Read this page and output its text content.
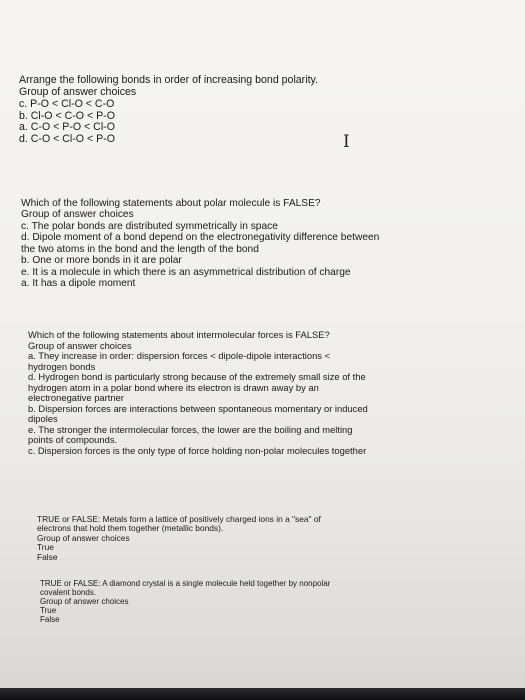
Arrange the following bonds in order of increasing bond polarity.
Group of answer choices
c. P-O < Cl-O < C-O
b. Cl-O < C-O < P-O
a. C-O < P-O < Cl-O
d. C-O < Cl-O < P-O	I
Which of the following statements about polar molecule is FALSE?
Group of answer choices
c. The polar bonds are distributed symmetrically in space
d. Dipole moment of a bond depend on the electronegativity difference between
the two atoms in the bond and the length of the bond
b. One or more bonds in it are polar
e. It is a molecule in which there is an asymmetrical distribution of charge
a. It has a dipole moment
Which of the following statements about intermolecular forces is FALSE?
Group of answer choices
a. They increase in order: dispersion forces < dipole-dipole interactions <
hydrogen bonds
d. Hydrogen bond is particularly strong because of the extremely small size of the
hydrogen atom in a polar bond where its electron is drawn away by an
electronegative partner
b. Dispersion forces are interactions between spontaneous momentary or induced
dipoles
e. The stronger the intermolecular forces, the lower are the boiling and melting
points of compounds.
c. Dispersion forces is the only type of force holding non-polar molecules together
TRUE or FALSE: Metals form a lattice of positively charged ions in a "sea" of
electrons that hold them together (metallic bonds).
Group of answer choices
True
False
TRUE or FALSE: A diamond crystal is a single molecule held together by nonpolar
covalent bonds.
Group of answer choices
True
False
